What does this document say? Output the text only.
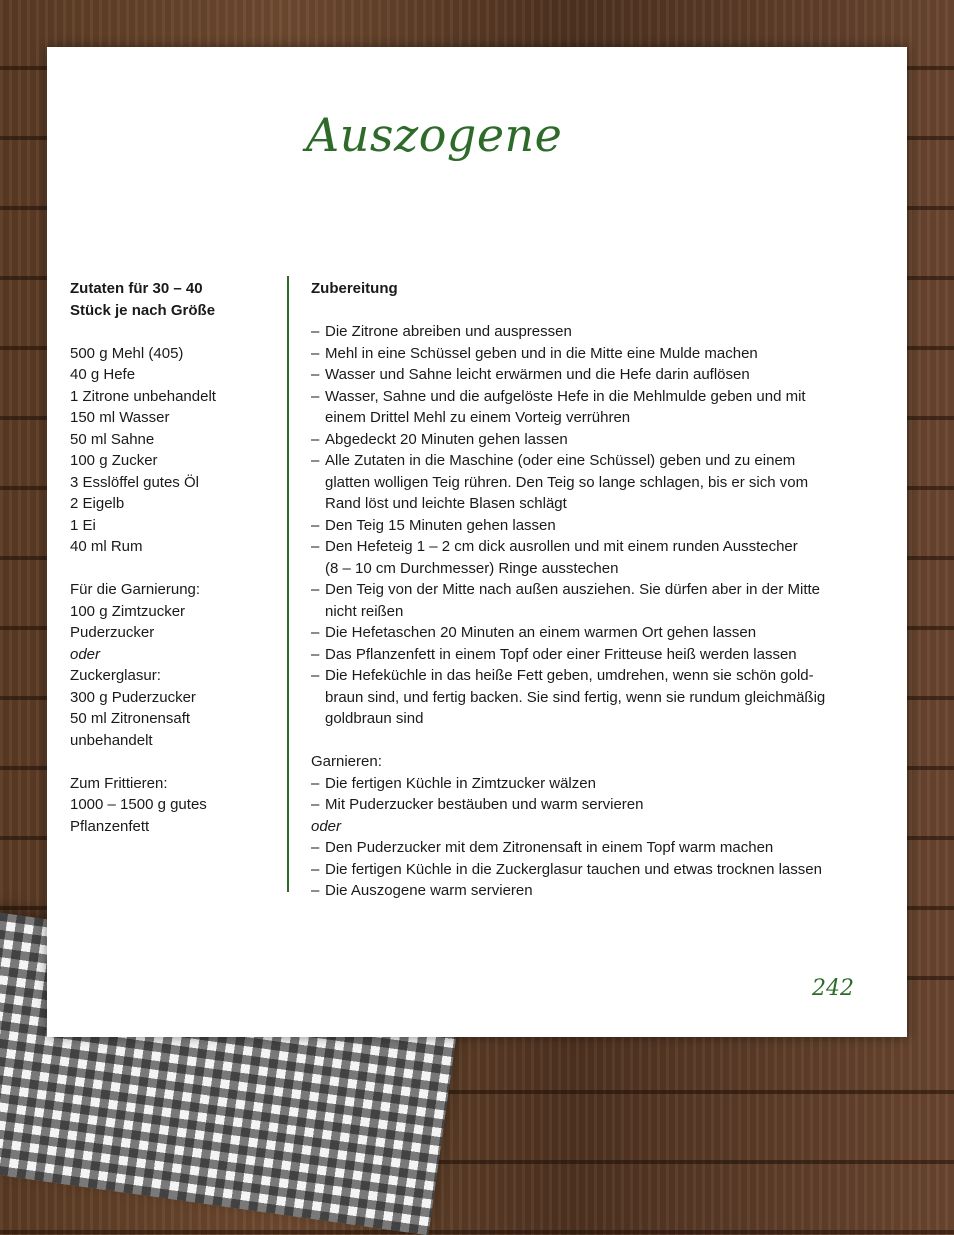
Auszogene
Zutaten für 30 – 40
Stück je nach Größe
500 g Mehl (405)
40 g Hefe
1 Zitrone unbehandelt
150 ml Wasser
50 ml Sahne
100 g Zucker
3 Esslöffel gutes Öl
2 Eigelb
1 Ei
40 ml Rum
Für die Garnierung:
100 g Zimtzucker
Puderzucker
oder
Zuckerglasur:
300 g Puderzucker
50 ml Zitronensaft
unbehandelt
Zum Frittieren:
1000 – 1500 g gutes
Pflanzenfett
Zubereitung
– Die Zitrone abreiben und auspressen
– Mehl in eine Schüssel geben und in die Mitte eine Mulde machen
– Wasser und Sahne leicht erwärmen und die Hefe darin auflösen
– Wasser, Sahne und die aufgelöste Hefe in die Mehlmulde geben und mit
einem Drittel Mehl zu einem Vorteig verrühren
– Abgedeckt 20 Minuten gehen lassen
– Alle Zutaten in die Maschine (oder eine Schüssel) geben und zu einem
glatten wolligen Teig rühren. Den Teig so lange schlagen, bis er sich vom
Rand löst und leichte Blasen schlägt
– Den Teig 15 Minuten gehen lassen
– Den Hefeteig 1 – 2 cm dick ausrollen und mit einem runden Ausstecher
(8 – 10 cm Durchmesser) Ringe ausstechen
– Den Teig von der Mitte nach außen ausziehen. Sie dürfen aber in der Mitte
nicht reißen
– Die Hefetaschen 20 Minuten an einem warmen Ort gehen lassen
– Das Pflanzenfett in einem Topf oder einer Fritteuse heiß werden lassen
– Die Hefeküchle in das heiße Fett geben, umdrehen, wenn sie schön gold-
braun sind, und fertig backen. Sie sind fertig, wenn sie rundum gleichmäßig
goldbraun sind
Garnieren:
– Die fertigen Küchle in Zimtzucker wälzen
– Mit Puderzucker bestäuben und warm servieren
oder
– Den Puderzucker mit dem Zitronensaft in einem Topf warm machen
– Die fertigen Küchle in die Zuckerglasur tauchen und etwas trocknen lassen
– Die Auszogene warm servieren
242
